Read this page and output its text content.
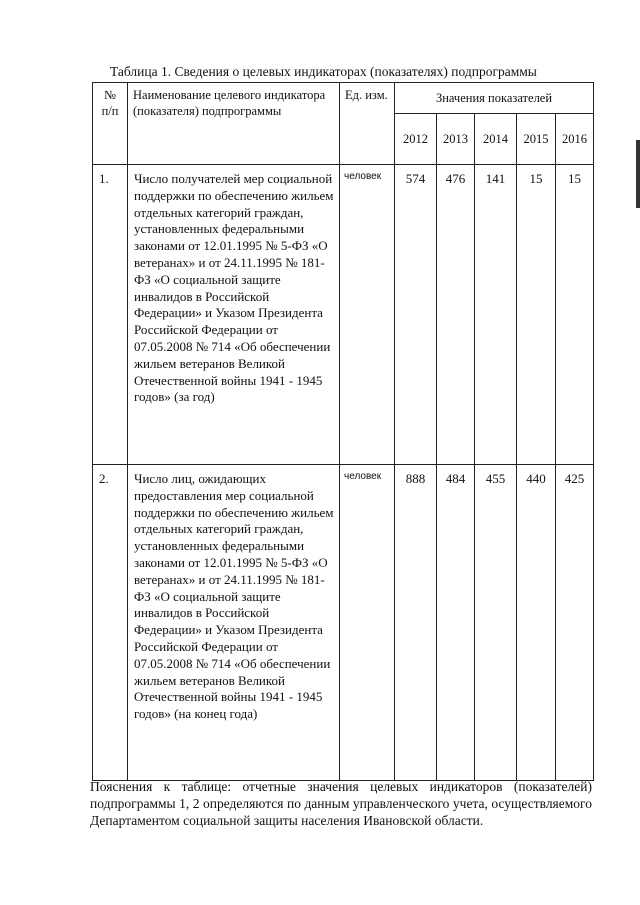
Таблица 1. Сведения о целевых индикаторах (показателях) подпрограммы
№ п/п	Наименование целевого индикатора (показателя) подпрограммы	Ед. изм.	Значения показателей				
			2012	2013	2014	2015	2016
1.	Число получателей мер социальной поддержки по обеспечению жильем отдельных категорий граждан, установленных федеральными законами от 12.01.1995 № 5-ФЗ «О ветеранах» и от 24.11.1995 № 181-ФЗ «О социальной защите инвалидов в Российской Федерации» и Указом Президента Российской Федерации от 07.05.2008 № 714 «Об обеспечении жильем ветеранов Великой Отечественной войны 1941 - 1945 годов» (за год)	человек	574	476	141	15	15
2.	Число лиц, ожидающих предоставления мер социальной поддержки по обеспечению жильем отдельных категорий граждан, установленных федеральными законами от 12.01.1995 № 5-ФЗ «О ветеранах» и от 24.11.1995 № 181-ФЗ «О социальной защите инвалидов в Российской Федерации» и Указом Президента Российской Федерации от 07.05.2008 № 714 «Об обеспечении жильем ветеранов Великой Отечественной войны 1941 - 1945 годов» (на конец года)	человек	888	484	455	440	425
Пояснения к таблице: отчетные значения целевых индикаторов (показателей) подпрограммы 1, 2 определяются по данным управленческого учета, осуществляемого Департаментом социальной защиты населения Ивановской области.
